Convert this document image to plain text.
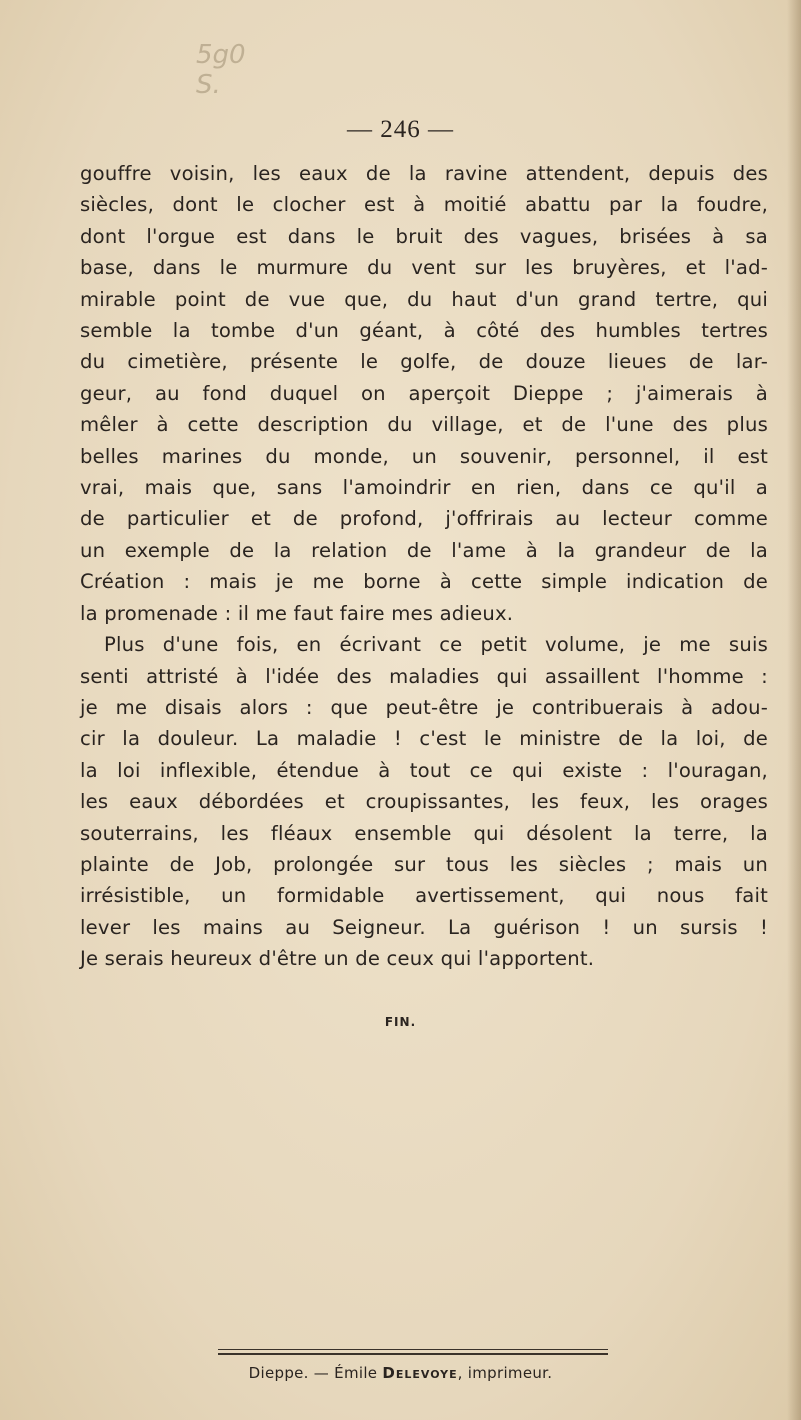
5g0
S.
— 246 —
gouffre voisin, les eaux de la ravine attendent, depuis des
siècles, dont le clocher est à moitié abattu par la foudre,
dont l'orgue est dans le bruit des vagues, brisées à sa
base, dans le murmure du vent sur les bruyères, et l'ad-
mirable point de vue que, du haut d'un grand tertre, qui
semble la tombe d'un géant, à côté des humbles tertres
du cimetière, présente le golfe, de douze lieues de lar-
geur, au fond duquel on aperçoit Dieppe ; j'aimerais à
mêler à cette description du village, et de l'une des plus
belles marines du monde, un souvenir, personnel, il est
vrai, mais que, sans l'amoindrir en rien, dans ce qu'il a
de particulier et de profond, j'offrirais au lecteur comme
un exemple de la relation de l'ame à la grandeur de la
Création : mais je me borne à cette simple indication de
la promenade : il me faut faire mes adieux.
Plus d'une fois, en écrivant ce petit volume, je me suis
senti attristé à l'idée des maladies qui assaillent l'homme :
je me disais alors : que peut-être je contribuerais à adou-
cir la douleur. La maladie ! c'est le ministre de la loi, de
la loi inflexible, étendue à tout ce qui existe : l'ouragan,
les eaux débordées et croupissantes, les feux, les orages
souterrains, les fléaux ensemble qui désolent la terre, la
plainte de Job, prolongée sur tous les siècles ; mais un
irrésistible, un formidable avertissement, qui nous fait
lever les mains au Seigneur. La guérison ! un sursis !
Je serais heureux d'être un de ceux qui l'apportent.
FIN.
Dieppe. — Émile Delevoye, imprimeur.
